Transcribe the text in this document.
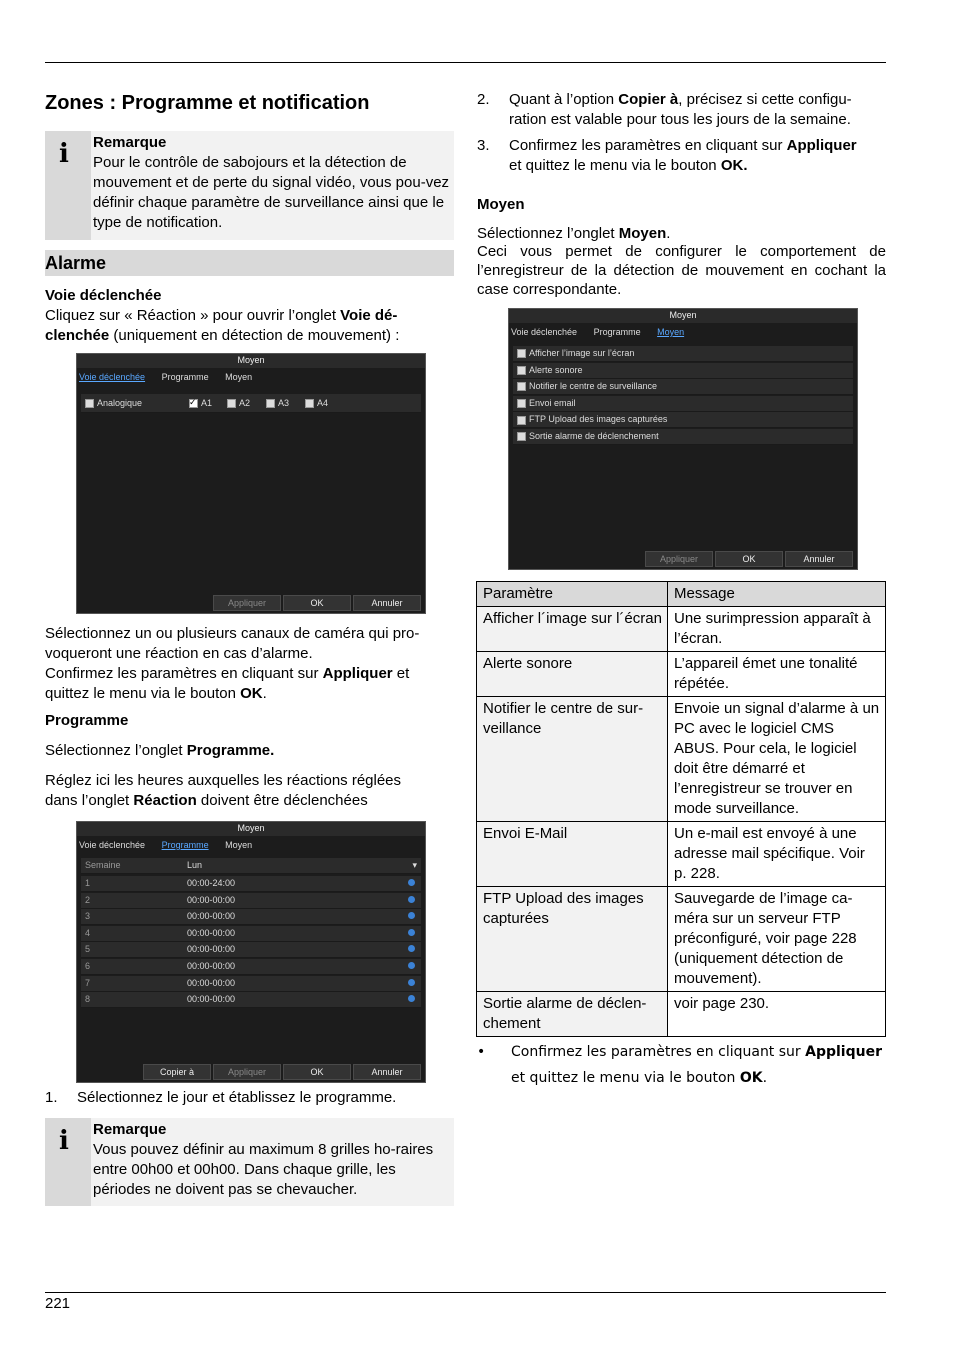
Zones : Programme et notification
i Remarque
Pour le contrôle de sabojours et la détection de mouvement et de perte du signal vidéo, vous pou-vez définir chaque paramètre de surveillance ainsi que le type de notification.
Alarme
Voie déclenchée
Cliquez sur « Réaction » pour ouvrir l’onglet Voie dé-
clenchée (uniquement en détection de mouvement) :
Moyen
Voie déclenchée Programme Moyen
Analogique ✓	A1	A2	A3	A4
Appliquer	OK	Annuler
Sélectionnez un ou plusieurs canaux de caméra qui pro-
voqueront une réaction en cas d’alarme.
Confirmez les paramètres en cliquant sur Appliquer et
quittez le menu via le bouton OK.
Programme
Sélectionnez l’onglet Programme.
Réglez ici les heures auxquelles les réactions réglées
dans l’onglet Réaction doivent être déclenchées
Moyen
Voie déclenchée Programme Moyen
Semaine	Lun	▾
1	00:00-24:00
2	00:00-00:00
3	00:00-00:00
4	00:00-00:00
5	00:00-00:00
6	00:00-00:00
7	00:00-00:00
8	00:00-00:00
Copier à	Appliquer	OK	Annuler
1. Sélectionnez le jour et établissez le programme.
i Remarque
Vous pouvez définir au maximum 8 grilles ho-raires entre 00h00 et 00h00. Dans chaque grille, les périodes ne doivent pas se chevaucher.
2. Quant à l’option Copier à, précisez si cette configu-
ration est valable pour tous les jours de la semaine.
3. Confirmez les paramètres en cliquant sur Appliquer
et quittez le menu via le bouton OK.
Moyen
Sélectionnez l’onglet Moyen.
Ceci vous permet de configurer le comportement de l’enregistreur de la détection de mouvement en cochant la case correspondante.
Moyen
Voie déclenchée Programme Moyen
Afficher l’image sur l’écran
Alerte sonore
Notifier le centre de surveillance
Envoi email
FTP Upload des images capturées
Sortie alarme de déclenchement
Appliquer	OK	Annuler
Paramètre	Message
Afficher l´image sur l´écran	Une surimpression apparaît à l’écran.
Alerte sonore	L’appareil émet une tonalité répétée.
Notifier le centre de sur-veillance	Envoie un signal d’alarme à un PC avec le logiciel CMS ABUS. Pour cela, le logiciel doit être démarré et l’enregistreur se trouver en mode surveillance.
Envoi E-Mail	Un e-mail est envoyé à une adresse mail spécifique. Voir p. 228.
FTP Upload des images capturées	Sauvegarde de l’image ca-méra sur un serveur FTP préconfiguré, voir page 228 (uniquement détection de mouvement).
Sortie alarme de déclen-chement	voir page 230.
• Confirmez les paramètres en cliquant sur Appliquer
et quittez le menu via le bouton OK.
221
